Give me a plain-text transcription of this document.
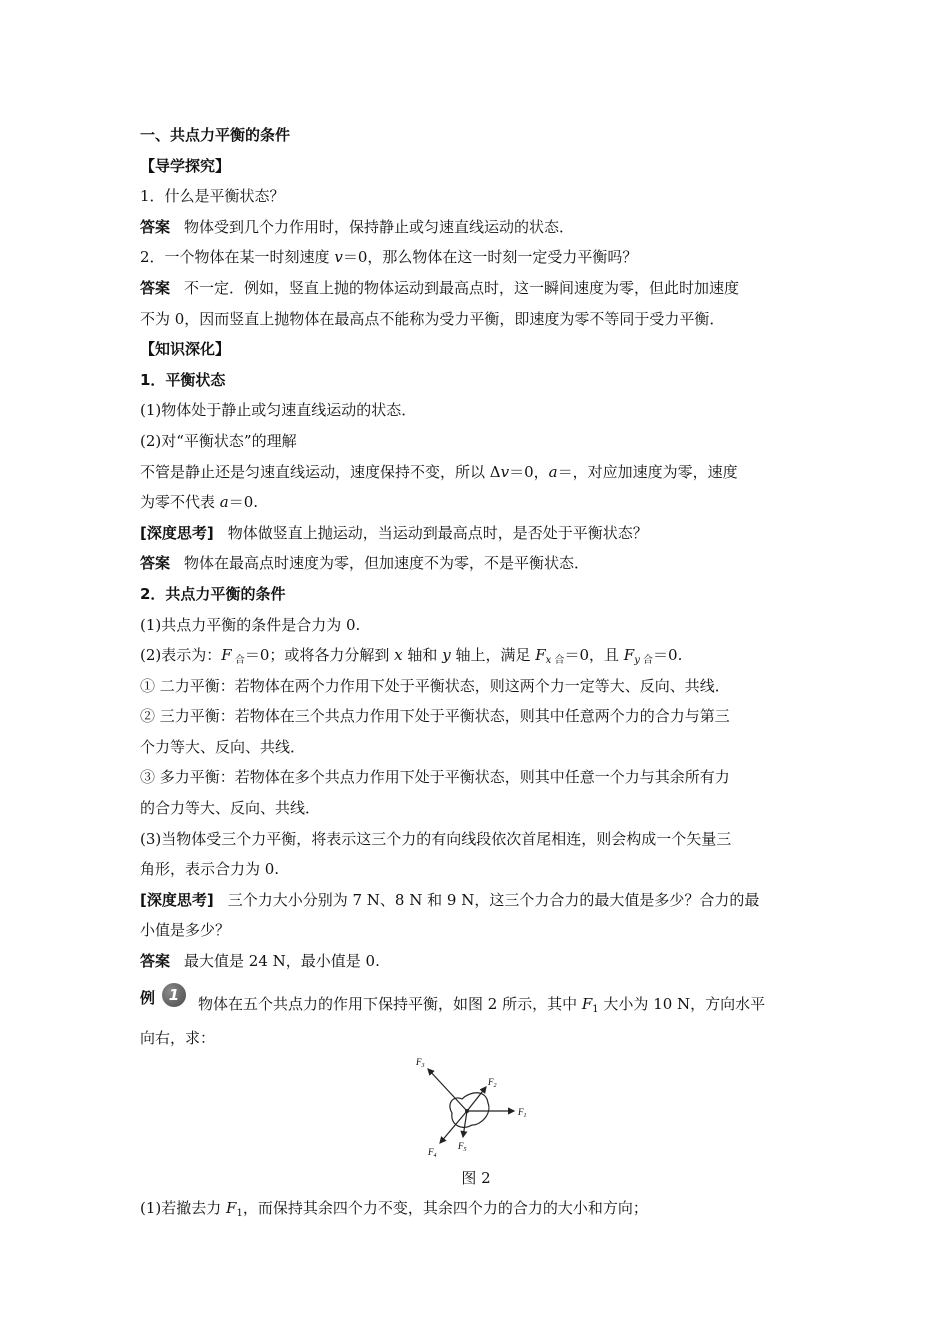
一、共点力平衡的条件
【导学探究】
1．什么是平衡状态？
答案 物体受到几个力作用时，保持静止或匀速直线运动的状态．
2．一个物体在某一时刻速度 v＝0，那么物体在这一时刻一定受力平衡吗？
答案 不一定．例如，竖直上抛的物体运动到最高点时，这一瞬间速度为零，但此时加速度
不为 0，因而竖直上抛物体在最高点不能称为受力平衡，即速度为零不等同于受力平衡．
【知识深化】
1．平衡状态
(1)物体处于静止或匀速直线运动的状态．
(2)对“平衡状态”的理解
不管是静止还是匀速直线运动，速度保持不变，所以 Δv＝0，a＝，对应加速度为零，速度
为零不代表 a＝0.
[深度思考] 物体做竖直上抛运动，当运动到最高点时，是否处于平衡状态？
答案 物体在最高点时速度为零，但加速度不为零，不是平衡状态．
2．共点力平衡的条件
(1)共点力平衡的条件是合力为 0.
(2)表示为：F $_合$＝0；或将各力分解到 x 轴和 y 轴上，满足 $F_{x 合}=0$，且 $F_{y 合}=0$.
① 二力平衡：若物体在两个力作用下处于平衡状态，则这两个力一定等大、反向、共线．
② 三力平衡：若物体在三个共点力作用下处于平衡状态，则其中任意两个力的合力与第三
个力等大、反向、共线．
③ 多力平衡：若物体在多个共点力作用下处于平衡状态，则其中任意一个力与其余所有力
的合力等大、反向、共线．
(3)当物体受三个力平衡，将表示这三个力的有向线段依次首尾相连，则会构成一个矢量三
角形，表示合力为 0.
[深度思考] 三个力大小分别为 7 N、8 N 和 9 N，这三个力合力的最大值是多少？合力的最
小值是多少？
答案 最大值是 24 N，最小值是 0.
例 1	物体在五个共点力的作用下保持平衡，如图 2 所示，其中 $F_1$ 大小为 10 N，方向水平
向右，求：
$F_1$
$F_2$
$F_3$
$F_4$
$F_5$
图 2
(1)若撤去力 $F_1$，而保持其余四个力不变，其余四个力的合力的大小和方向；
